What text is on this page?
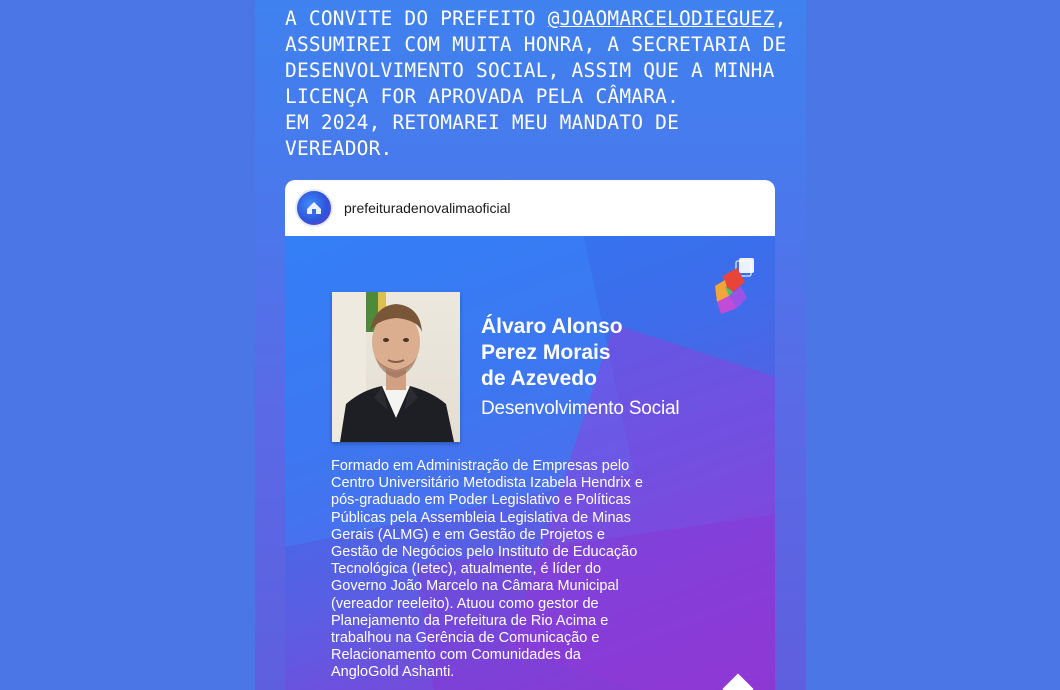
A CONVITE DO PREFEITO @JOAOMARCELODIEGUEZ,
ASSUMIREI COM MUITA HONRA, A SECRETARIA DE
DESENVOLVIMENTO SOCIAL, ASSIM QUE A MINHA
LICENÇA FOR APROVADA PELA CÂMARA.
EM 2024, RETOMAREI MEU MANDATO DE
VEREADOR.
prefeituradenovalimaoficial
Álvaro Alonso
Perez Morais
de Azevedo
Desenvolvimento Social
Formado em Administração de Empresas pelo
Centro Universitário Metodista Izabela Hendrix e
pós-graduado em Poder Legislativo e Políticas
Públicas pela Assembleia Legislativa de Minas
Gerais (ALMG) e em Gestão de Projetos e
Gestão de Negócios pelo Instituto de Educação
Tecnológica (Ietec), atualmente, é líder do
Governo João Marcelo na Câmara Municipal
(vereador reeleito). Atuou como gestor de
Planejamento da Prefeitura de Rio Acima e
trabalhou na Gerência de Comunicação e
Relacionamento com Comunidades da
AngloGold Ashanti.
